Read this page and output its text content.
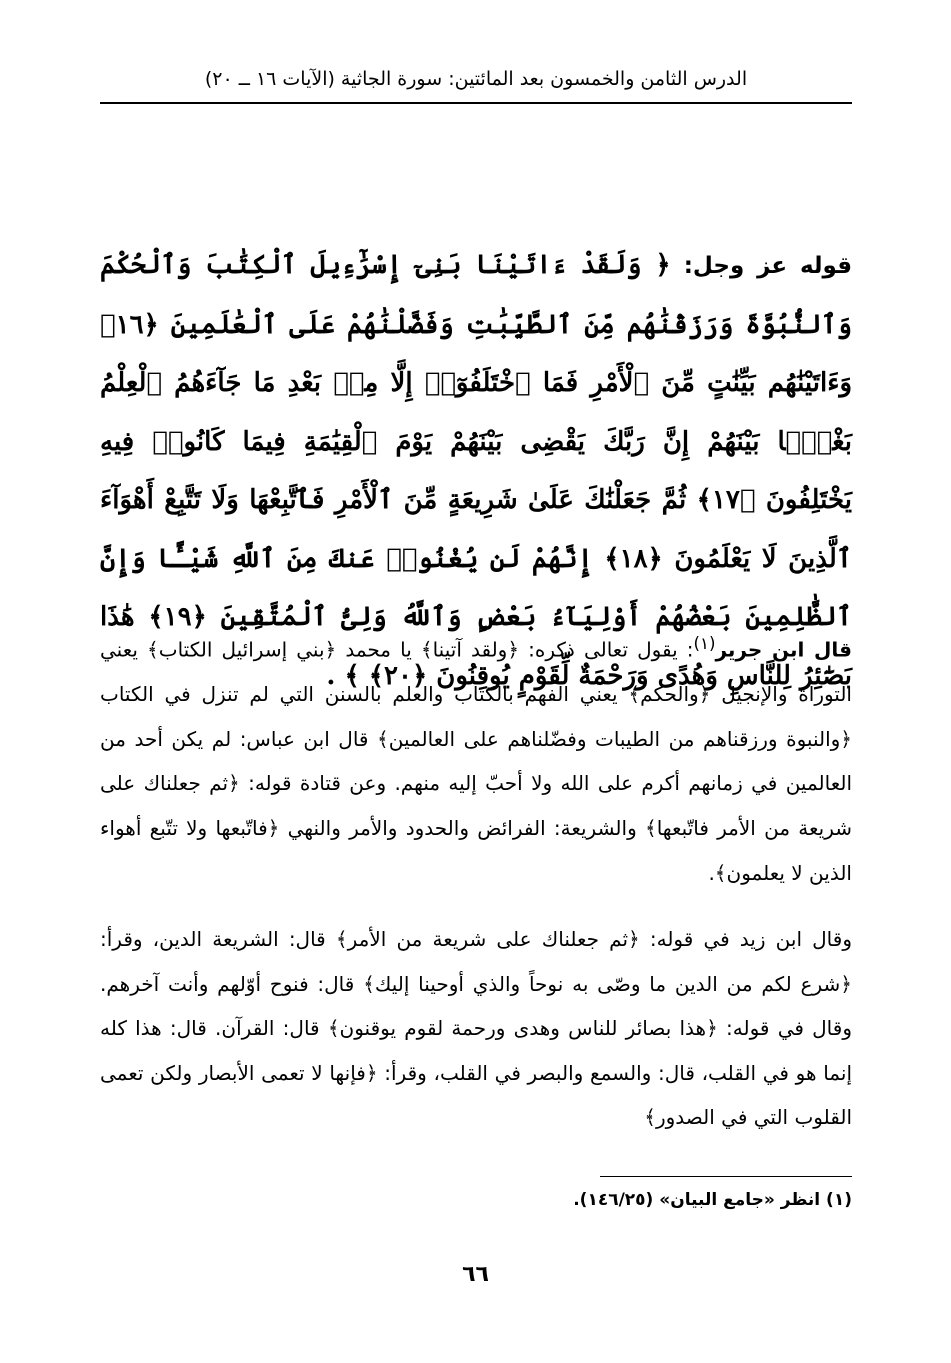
الدرس الثامن والخمسون بعد المائتين: سورة الجاثية (الآيات ١٦ ــ ٢٠)
قوله عز وجل: ﴿ وَلَقَدْ ءَاتَيْنَا بَنِىٓ إِسْرَٰٓءِيلَ ٱلْكِتَٰبَ وَٱلْحُكْمَ وَٱلنُّبُوَّةَ وَرَزَقْنَٰهُم مِّنَ ٱلطَّيِّبَٰتِ وَفَضَّلْنَٰهُمْ عَلَى ٱلْعَٰلَمِينَ ﴿١٦﴾ وَءَاتَيْنَٰهُم بَيِّنَٰتٍ مِّنَ ٱلْأَمْرِ فَمَا ٱخْتَلَفُوٓا۟ إِلَّا مِنۢ بَعْدِ مَا جَآءَهُمُ ٱلْعِلْمُ بَغْيًۢا بَيْنَهُمْ إِنَّ رَبَّكَ يَقْضِى بَيْنَهُمْ يَوْمَ ٱلْقِيَٰمَةِ فِيمَا كَانُوا۟ فِيهِ يَخْتَلِفُونَ ﴿١٧﴾ ثُمَّ جَعَلْنَٰكَ عَلَىٰ شَرِيعَةٍ مِّنَ ٱلْأَمْرِ فَٱتَّبِعْهَا وَلَا تَتَّبِعْ أَهْوَآءَ ٱلَّذِينَ لَا يَعْلَمُونَ ﴿١٨﴾ إِنَّهُمْ لَن يُغْنُوا۟ عَنكَ مِنَ ٱللَّهِ شَيْـًٔا وَإِنَّ ٱلظَّٰلِمِينَ بَعْضُهُمْ أَوْلِيَآءُ بَعْضٍ وَٱللَّهُ وَلِىُّ ٱلْمُتَّقِينَ ﴿١٩﴾ هَٰذَا بَصَٰٓئِرُ لِلنَّاسِ وَهُدًى وَرَحْمَةٌ لِّقَوْمٍ يُوقِنُونَ ﴿٢٠﴾ ﴾ .
قال ابن جرير$^{(١)}$: يقول تعالى ذكره: ﴿ولقد آتينا﴾ يا محمد ﴿بني إسرائيل الكتاب﴾ يعني التوراة والإنجيل ﴿والحكم﴾ يعني الفهم بالكتاب والعلم بالسنن التي لم تنزل في الكتاب ﴿والنبوة ورزقناهم من الطيبات وفضّلناهم على العالمين﴾ قال ابن عباس: لم يكن أحد من العالمين في زمانهم أكرم على الله ولا أحبّ إليه منهم. وعن قتادة قوله: ﴿ثم جعلناك على شريعة من الأمر فاتّبعها﴾ والشريعة: الفرائض والحدود والأمر والنهي ﴿فاتّبعها ولا تتّبع أهواء الذين لا يعلمون﴾.
وقال ابن زيد في قوله: ﴿ثم جعلناك على شريعة من الأمر﴾ قال: الشريعة الدين، وقرأ: ﴿شرع لكم من الدين ما وصّى به نوحاً والذي أوحينا إليك﴾ قال: فنوح أوّلهم وأنت آخرهم. وقال في قوله: ﴿هذا بصائر للناس وهدى ورحمة لقوم يوقنون﴾ قال: القرآن. قال: هذا كله إنما هو في القلب، قال: والسمع والبصر في القلب، وقرأ: ﴿فإنها لا تعمى الأبصار ولكن تعمى القلوب التي في الصدور﴾
(١) انظر «جامع البيان» (١٤٦/٢٥).
٦٦
